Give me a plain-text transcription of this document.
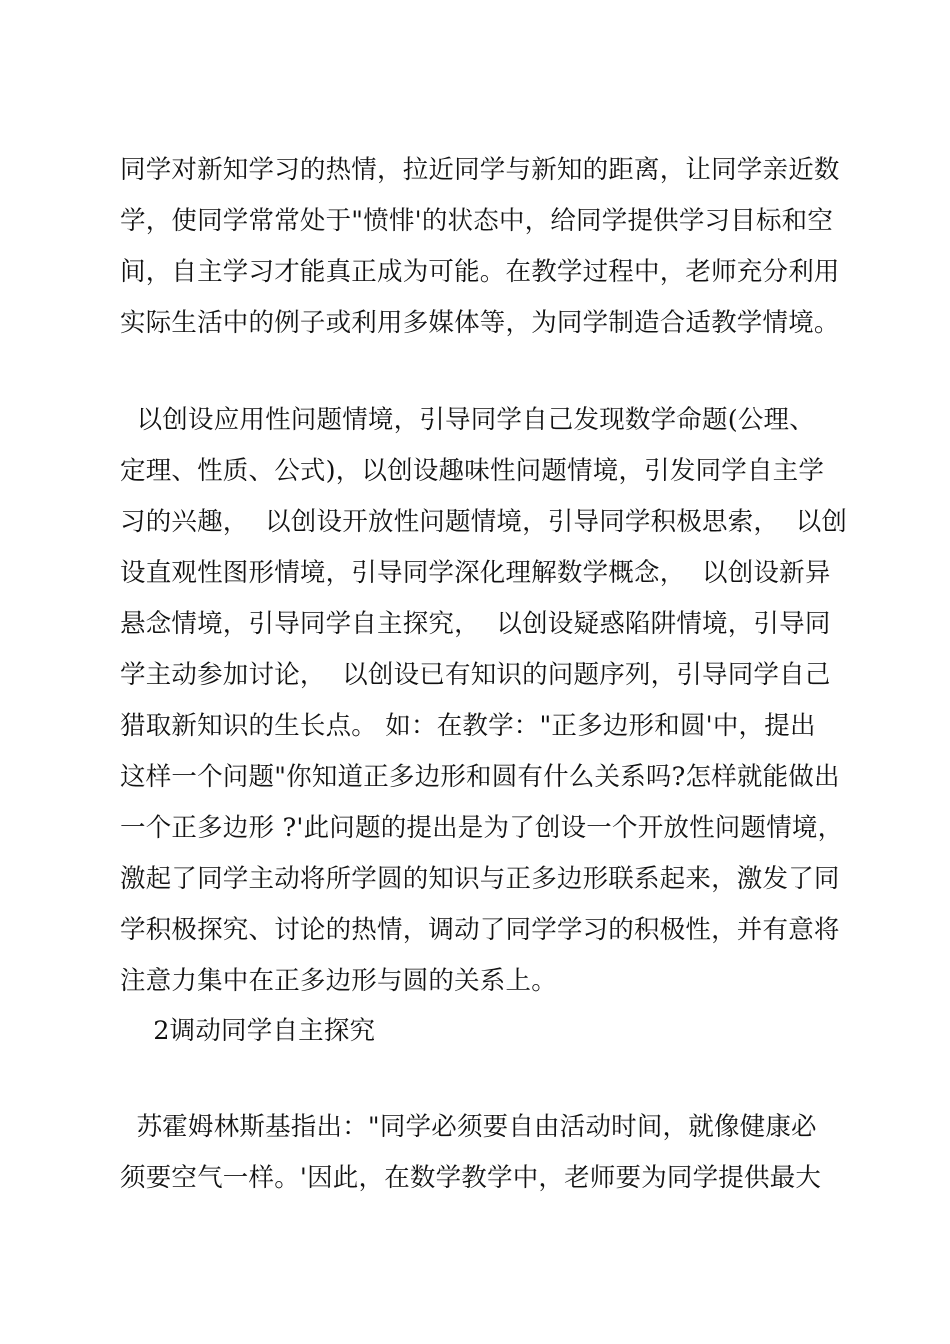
同学对新知学习的热情，拉近同学与新知的距离，让同学亲近数
学，使同学常常处于"愤悱'的状态中，给同学提供学习目标和空
间，自主学习才能真正成为可能。在教学过程中，老师充分利用
实际生活中的例子或利用多媒体等，为同学制造合适教学情境。
以创设应用性问题情境，引导同学自己发现数学命题(公理、
定理、性质、公式)，以创设趣味性问题情境，引发同学自主学
习的兴趣，  以创设开放性问题情境，引导同学积极思索，  以创
设直观性图形情境，引导同学深化理解数学概念，  以创设新异
悬念情境，引导同学自主探究，  以创设疑惑陷阱情境，引导同
学主动参加讨论，  以创设已有知识的问题序列，引导同学自己
猎取新知识的生长点。 如：在教学："正多边形和圆'中，提出
这样一个问题"你知道正多边形和圆有什么关系吗?怎样就能做出
一个正多边形 ?'此问题的提出是为了创设一个开放性问题情境，
激起了同学主动将所学圆的知识与正多边形联系起来，激发了同
学积极探究、讨论的热情，调动了同学学习的积极性，并有意将
注意力集中在正多边形与圆的关系上。
2调动同学自主探究
苏霍姆林斯基指出："同学必须要自由活动时间，就像健康必
须要空气一样。'因此，在数学教学中，老师要为同学提供最大
